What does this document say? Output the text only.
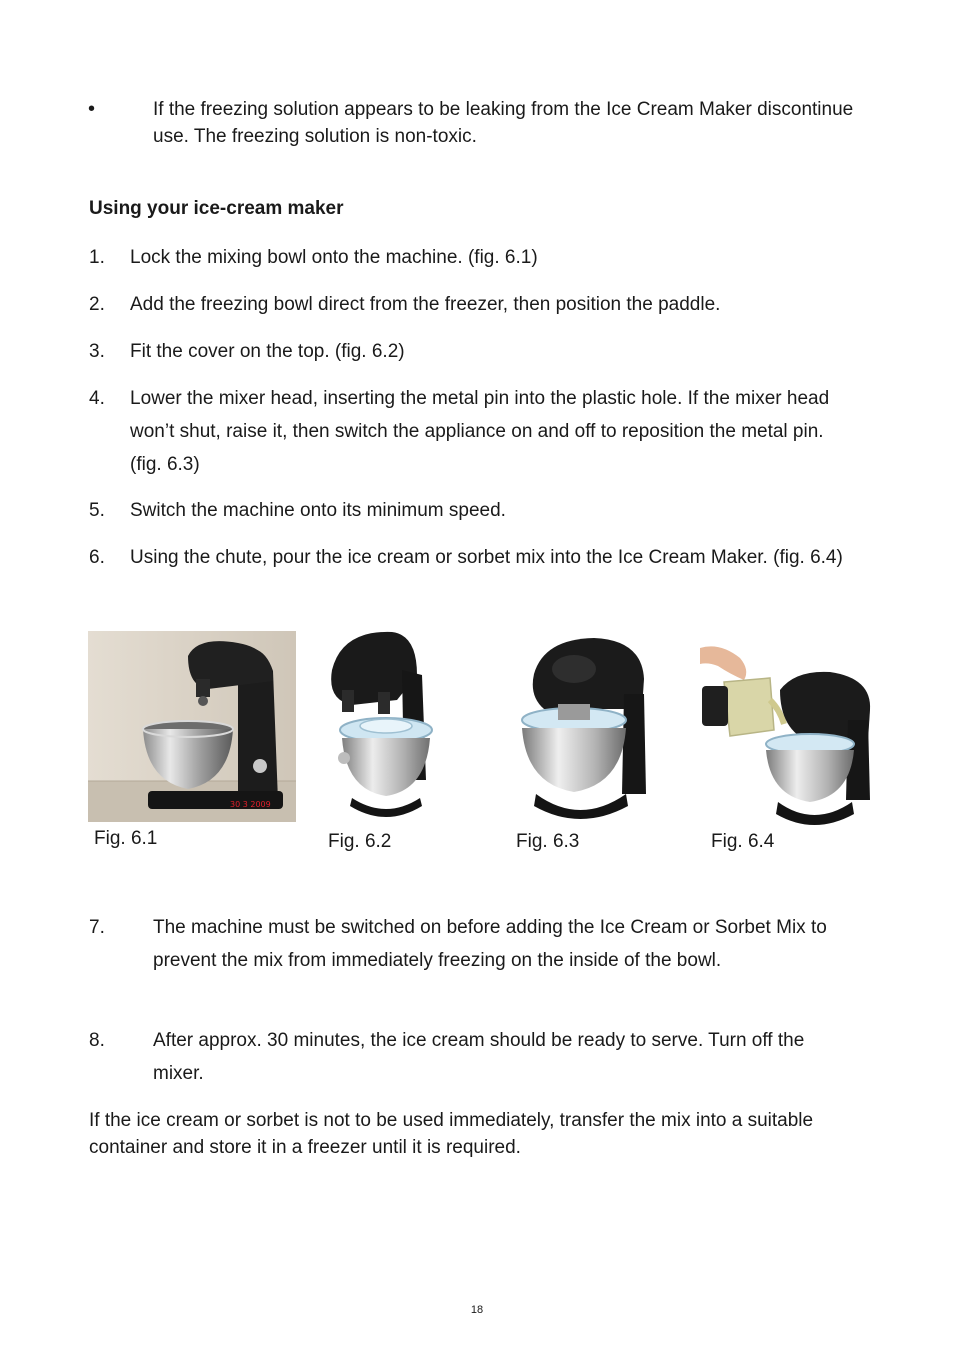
•	If the freezing solution appears to be leaking from the Ice Cream Maker discontinue use. The freezing solution is non-toxic.
Using your ice-cream maker
1.	Lock the mixing bowl onto the machine. (fig. 6.1)
2.	Add the freezing bowl direct from the freezer, then position the paddle.
3.	Fit the cover on the top. (fig. 6.2)
4.	Lower the mixer head, inserting the metal pin into the plastic hole. If the mixer head won’t shut, raise it, then switch the appliance on and off to reposition the metal pin. (fig. 6.3)
5.	Switch the machine onto its minimum speed.
6.	Using the chute, pour the ice cream or sorbet mix into the Ice Cream Maker. (fig. 6.4)
30 3 2009
Fig. 6.1	Fig. 6.2	Fig. 6.3	Fig. 6.4
7.	The machine must be switched on before adding the Ice Cream or Sorbet Mix to prevent the mix from immediately freezing on the inside of the bowl.
8.	After approx. 30 minutes, the ice cream should be ready to serve. Turn off the mixer.
If the ice cream or sorbet is not to be used immediately, transfer the mix into a suitable container and store it in a freezer until it is required.
18
